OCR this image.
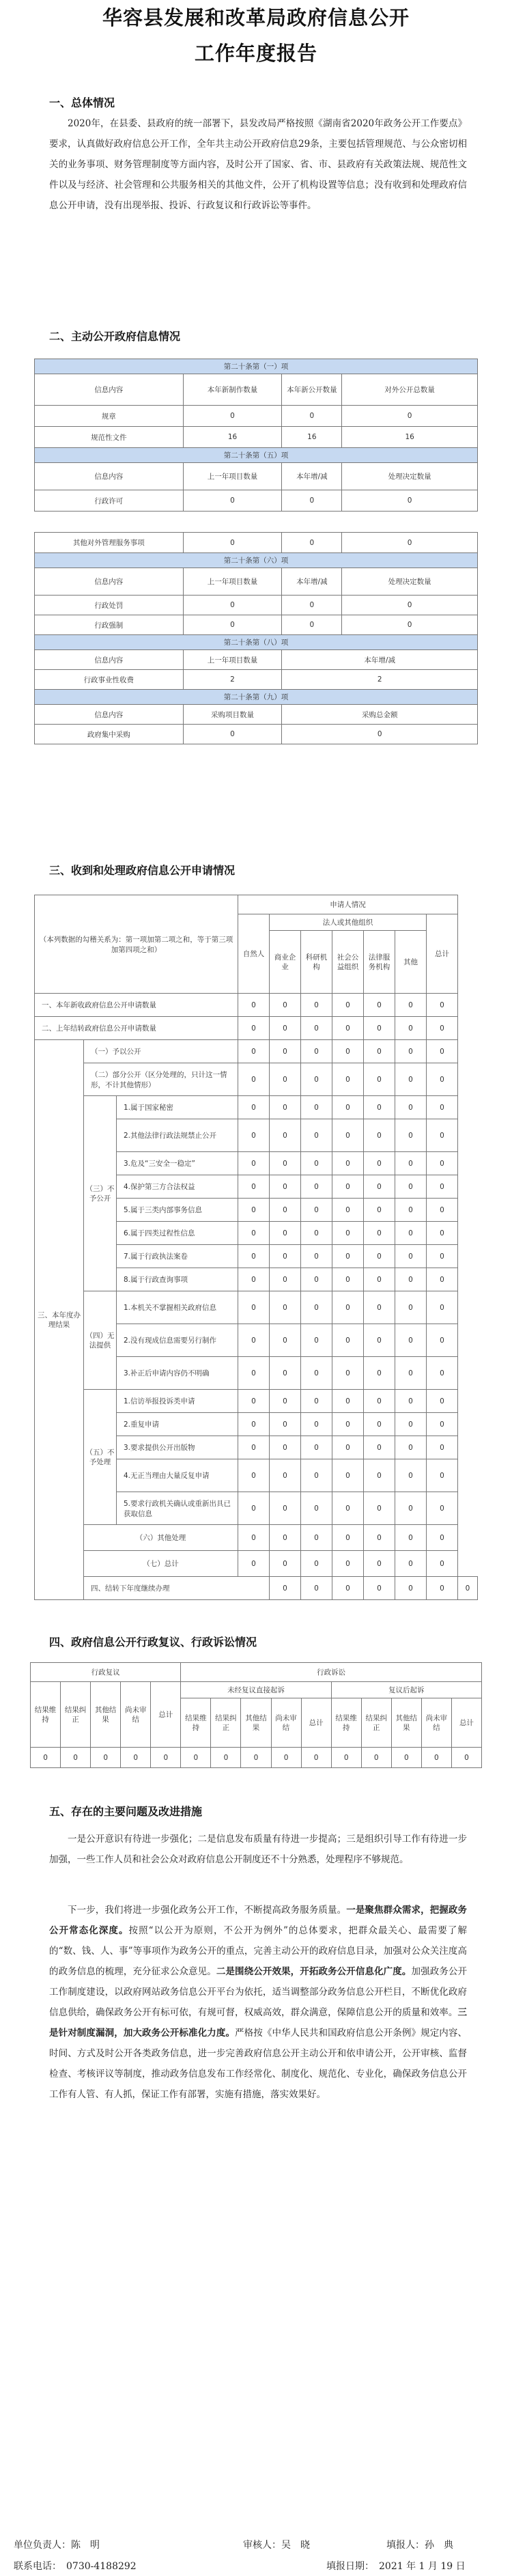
华容县发展和改革局政府信息公开
工作年度报告
一、总体情况
2020年，在县委、县政府的统一部署下，县发改局严格按照《湖南省2020年政务公开工作要点》要求，认真做好政府信息公开工作，全年共主动公开政府信息29条，主要包括管理规范、与公众密切相关的业务事项、财务管理制度等方面内容，及时公开了国家、省、市、县政府有关政策法规、规范性文件以及与经济、社会管理和公共服务相关的其他文件，公开了机构设置等信息；没有收到和处理政府信息公开申请，没有出现举报、投诉、行政复议和行政诉讼等事件。
二、主动公开政府信息情况
第二十条第（一）项			
信息内容	本年新制作数量	本年新公开数量	对外公开总数量
规章	0	0	0
规范性文件	16	16	16
第二十条第（五）项			
信息内容	上一年项目数量	本年增/减	处理决定数量
行政许可	0	0	0

其他对外管理服务事项	0	0	0
第二十条第（六）项			
信息内容	上一年项目数量	本年增/减	处理决定数量
行政处罚	0	0	0
行政强制	0	0	0
第二十条第（八）项			
信息内容	上一年项目数量	本年增/减	
行政事业性收费	2	2	
第二十条第（九）项			
信息内容	采购项目数量	采购总金额	
政府集中采购	0	0	
三、收到和处理政府信息公开申请情况
（本列数据的勾稽关系为：第一项加第二项之和，等于第三项加第四项之和）			申请人情况							
			自然人	法人或其他组织					总计	
				商业企业	科研机构	社会公益组织	法律服务机构	其他		
一、本年新收政府信息公开申请数量			0	0	0	0	0	0	0	
二、上年结转政府信息公开申请数量			0	0	0	0	0	0	0	
三、本年度办理结果	（一）予以公开		0	0	0	0	0	0	0	
	（二）部分公开（区分处理的，只计这一情形，不计其他情形）		0	0	0	0	0	0	0	
	（三）不予公开	1.属于国家秘密	0	0	0	0	0	0	0	
		2.其他法律行政法规禁止公开	0	0	0	0	0	0	0	
		3.危及“三安全一稳定”	0	0	0	0	0	0	0	
		4.保护第三方合法权益	0	0	0	0	0	0	0	
		5.属于三类内部事务信息	0	0	0	0	0	0	0	
		6.属于四类过程性信息	0	0	0	0	0	0	0	
		7.属于行政执法案卷	0	0	0	0	0	0	0	
		8.属于行政查询事项	0	0	0	0	0	0	0	
	（四）无法提供	1.本机关不掌握相关政府信息	0	0	0	0	0	0	0	
		2.没有现成信息需要另行制作	0	0	0	0	0	0	0	
		3.补正后申请内容仍不明确	0	0	0	0	0	0	0	
	（五）不予处理	1.信访举报投诉类申请	0	0	0	0	0	0	0	
		2.重复申请	0	0	0	0	0	0	0	
		3.要求提供公开出版物	0	0	0	0	0	0	0	
		4.无正当理由大量反复申请	0	0	0	0	0	0	0	
		5.要求行政机关确认或重新出具已获取信息	0	0	0	0	0	0	0	
	（六）其他处理		0	0	0	0	0	0	0	
	（七）总计		0	0	0	0	0	0	0	
	四、结转下年度继续办理			0	0	0	0	0	0	0
四、政府信息公开行政复议、行政诉讼情况
行政复议					行政诉讼									
结果维持	结果纠正	其他结果	尚未审结	总计	未经复议直接起诉					复议后起诉				
					结果维持	结果纠正	其他结果	尚未审结	总计	结果维持	结果纠正	其他结果	尚未审结	总计
0	0	0	0	0	0	0	0	0	0	0	0	0	0	0
五、存在的主要问题及改进措施
一是公开意识有待进一步强化；二是信息发布质量有待进一步提高；三是组织引导工作有待进一步加强，一些工作人员和社会公众对政府信息公开制度还不十分熟悉，处理程序不够规范。
下一步，我们将进一步强化政务公开工作，不断提高政务服务质量。一是聚焦群众需求，把握政务公开常态化深度。按照“以公开为原则，不公开为例外”的总体要求，把群众最关心、最需要了解的“数、钱、人、事”等事项作为政务公开的重点，完善主动公开的政府信息目录，加强对公众关注度高的政务信息的梳理，充分征求公众意见。二是围绕公开效果，开拓政务公开信息化广度。加强政务公开工作制度建设，以政府网站政务信息公开平台为依托，适当调整部分政务信息公开栏目，不断优化政府信息供给，确保政务公开有标可依，有规可督，权威高效，群众满意，保障信息公开的质量和效率。三是针对制度漏洞，加大政务公开标准化力度。严格按《中华人民共和国政府信息公开条例》规定内容、时间、方式及时公开各类政务信息，进一步完善政府信息公开主动公开和依申请公开，公开审核、监督检查、考核评议等制度，推动政务信息发布工作经常化、制度化、规范化、专业化，确保政务信息公开工作有人管、有人抓，保证工作有部署，实施有措施，落实效果好。
单位负责人：陈　明	审核人：吴　晓	填报人：孙　典
联系电话：　0730-4188292	填报日期：　2021 年 1 月 19 日
